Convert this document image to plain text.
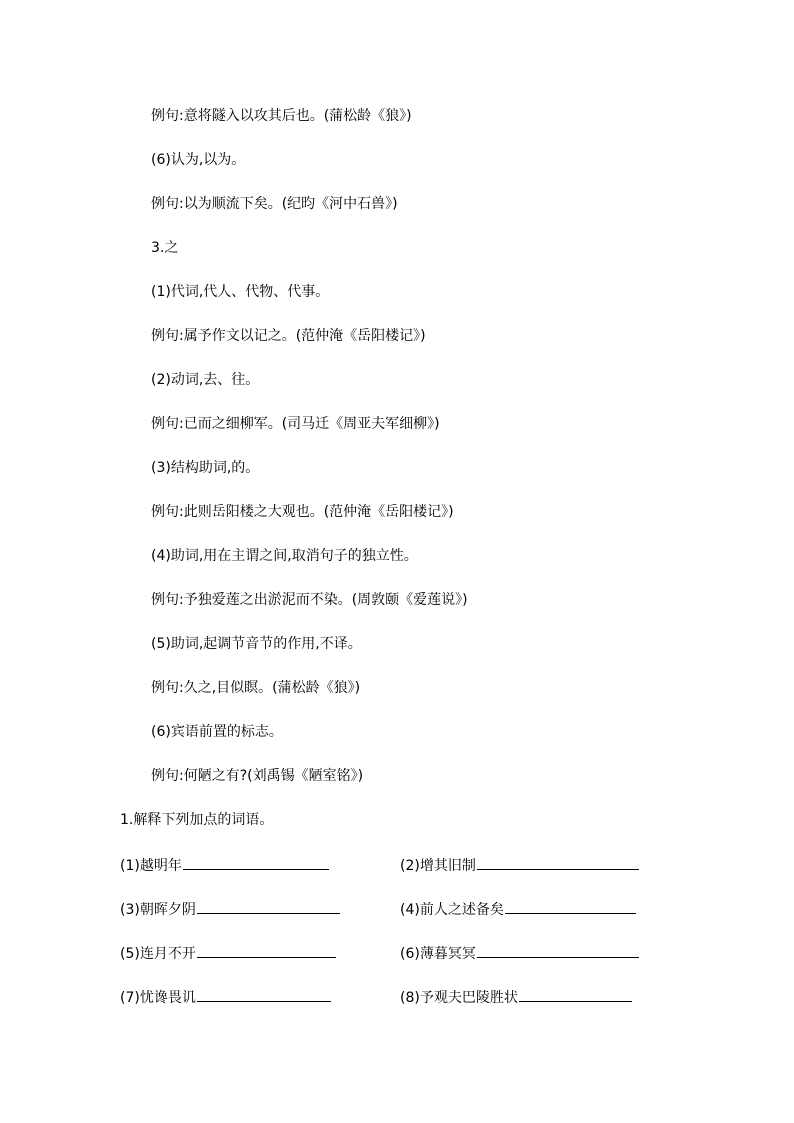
例句:意将隧入以攻其后也。(蒲松龄《狼》)
(6)认为,以为。
例句:以为顺流下矣。(纪昀《河中石兽》)
3.之
(1)代词,代人、代物、代事。
例句:属予作文以记之。(范仲淹《岳阳楼记》)
(2)动词,去、往。
例句:已而之细柳军。(司马迁《周亚夫军细柳》)
(3)结构助词,的。
例句:此则岳阳楼之大观也。(范仲淹《岳阳楼记》)
(4)助词,用在主谓之间,取消句子的独立性。
例句:予独爱莲之出淤泥而不染。(周敦颐《爱莲说》)
(5)助词,起调节音节的作用,不译。
例句:久之,目似瞑。(蒲松龄《狼》)
(6)宾语前置的标志。
例句:何陋之有?(刘禹锡《陋室铭》)
1.解释下列加点的词语。
(1)越明年	(2)增其旧制
(3)朝晖夕阴	(4)前人之述备矣
(5)连月不开	(6)薄暮冥冥
(7)忧谗畏讥	(8)予观夫巴陵胜状
